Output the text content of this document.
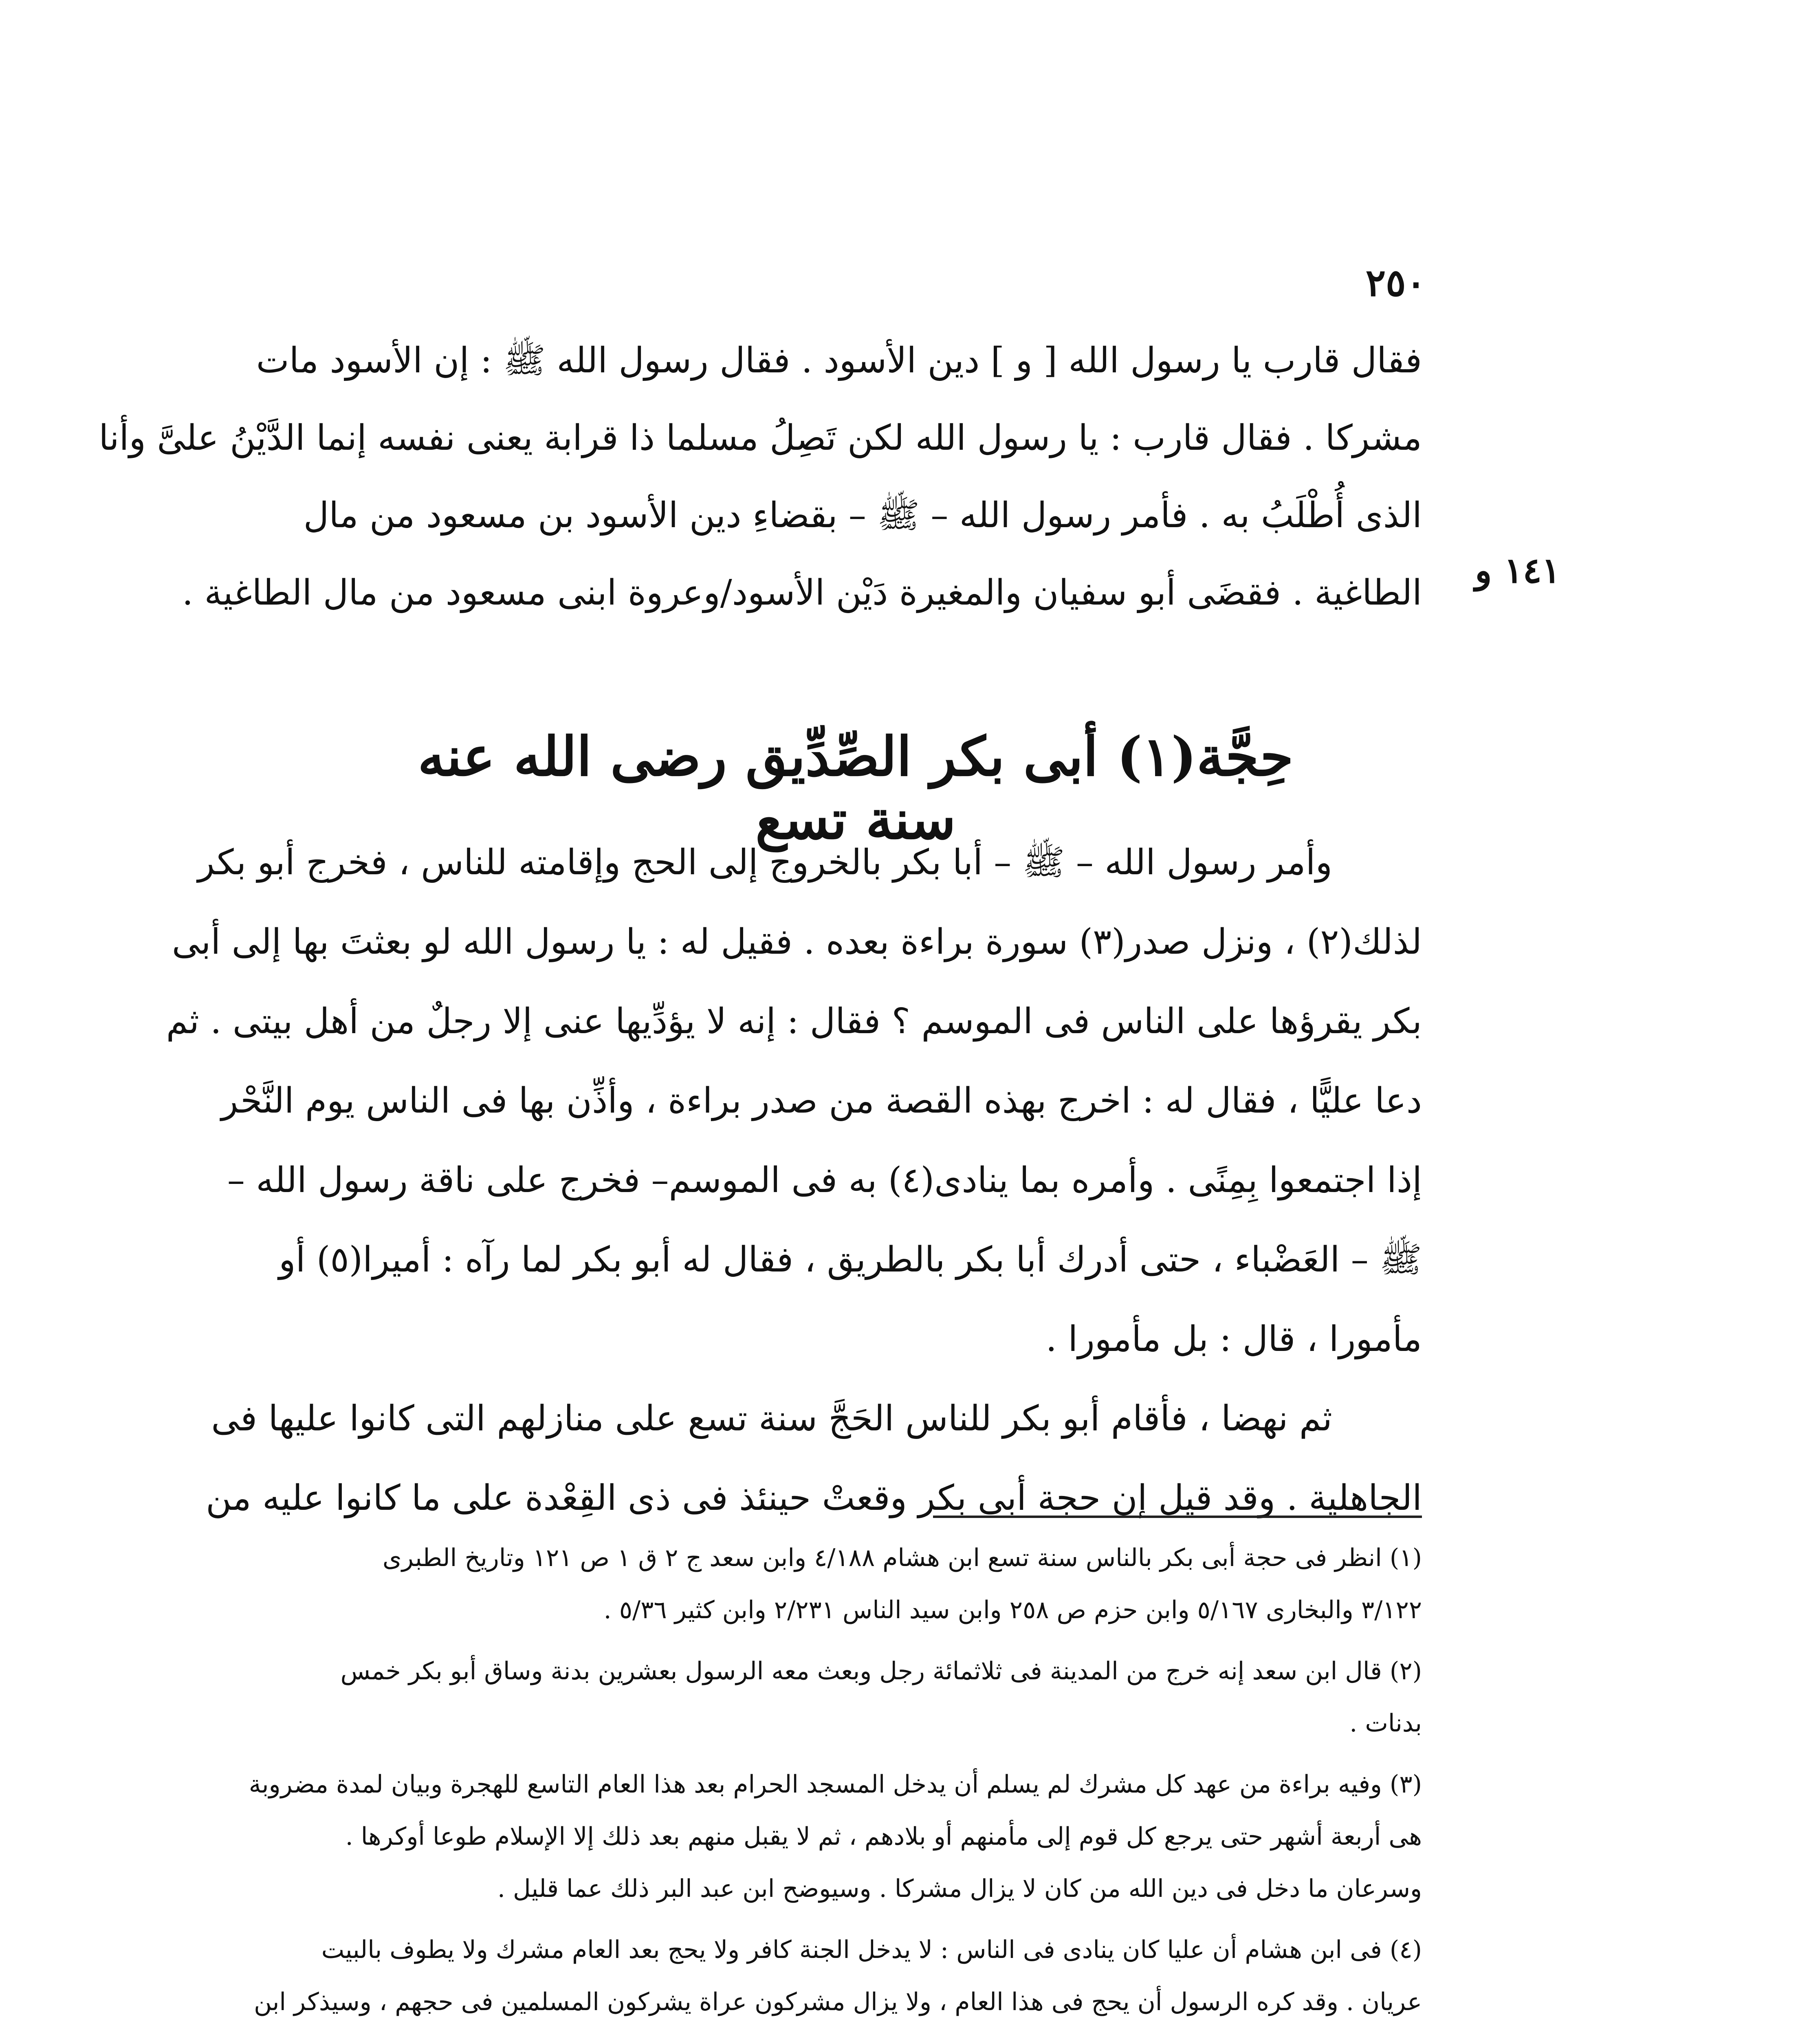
٢٥٠
فقال قارب يا رسول الله [ و ] دين الأسود . فقال رسول الله ﷺ : إن الأسود مات
مشركا . فقال قارب : يا رسول الله لكن تَصِلُ مسلما ذا قرابة يعنى نفسه إنما الدَّيْنُ علىَّ وأنا
الذى أُطْلَبُ به . فأمر رسول الله – ﷺ – بقضاءِ دين الأسود بن مسعود من مال
الطاغية . فقضَى أبو سفيان والمغيرة دَيْن الأسود/وعروة ابنى مسعود من مال الطاغية .
١٤١ و
حِجَّة(١) أبى بكر الصِّدِّيق رضى الله عنه سنة تسع
وأمر رسول الله – ﷺ – أبا بكر بالخروج إلى الحج وإقامته للناس ، فخرج أبو بكر
لذلك(٢) ، ونزل صدر(٣) سورة براءة بعده . فقيل له : يا رسول الله لو بعثتَ بها إلى أبى
بكر يقرؤها على الناس فى الموسم ؟ فقال : إنه لا يؤدِّيها عنى إلا رجلٌ من أهل بيتى . ثم
دعا عليًّا ، فقال له : اخرج بهذه القصة من صدر براءة ، وأذِّن بها فى الناس يوم النَّحْر
إذا اجتمعوا بِمِنًى . وأمره بما ينادى(٤) به فى الموسم– فخرج على ناقة رسول الله –
ﷺ – العَضْباء ، حتى أدرك أبا بكر بالطريق ، فقال له أبو بكر لما رآه : أميرا(٥) أو
مأمورا ، قال : بل مأمورا .
ثم نهضا ، فأقام أبو بكر للناس الحَجَّ سنة تسع على منازلهم التى كانوا عليها فى
الجاهلية . وقد قيل إن حجة أبى بكر وقعتْ حينئذ فى ذى القِعْدة على ما كانوا عليه من
(١) انظر فى حجة أبى بكر بالناس سنة تسع ابن هشام ٤/١٨٨ وابن سعد ج ٢ ق ١ ص ١٢١ وتاريخ الطبرى
٣/١٢٢ والبخارى ٥/١٦٧ وابن حزم ص ٢٥٨ وابن سيد الناس ٢/٢٣١ وابن كثير ٥/٣٦ .
(٢) قال ابن سعد إنه خرج من المدينة فى ثلاثمائة رجل وبعث معه الرسول بعشرين بدنة وساق أبو بكر خمس
بدنات .
(٣) وفيه براءة من عهد كل مشرك لم يسلم أن يدخل المسجد الحرام بعد هذا العام التاسع للهجرة وبيان لمدة مضروبة
هى أربعة أشهر حتى يرجع كل قوم إلى مأمنهم أو بلادهم ، ثم لا يقبل منهم بعد ذلك إلا الإسلام طوعا أوكرها .
وسرعان ما دخل فى دين الله من كان لا يزال مشركا . وسيوضح ابن عبد البر ذلك عما قليل .
(٤) فى ابن هشام أن عليا كان ينادى فى الناس : لا يدخل الجنة كافر ولا يحج بعد العام مشرك ولا يطوف بالبيت
عريان . وقد كره الرسول أن يحج فى هذا العام ، ولا يزال مشركون عراة يشركون المسلمين فى حجهم ، وسيذكر ابن
